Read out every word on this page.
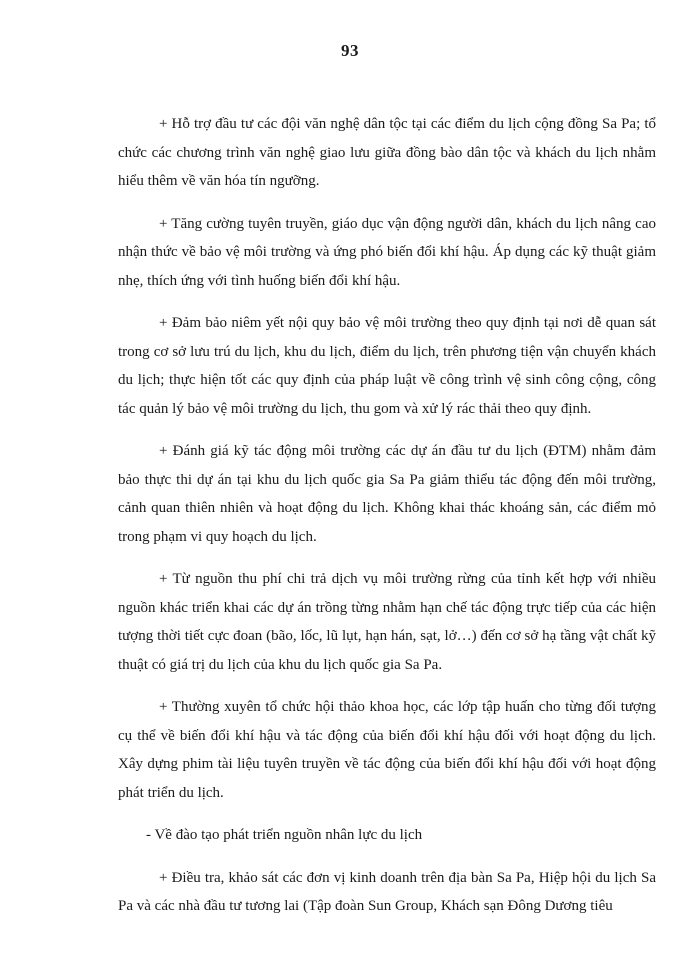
93

+ Hỗ trợ đầu tư các đội văn nghệ dân tộc tại các điểm du lịch cộng đồng Sa Pa; tổ chức các chương trình văn nghệ giao lưu giữa đồng bào dân tộc và khách du lịch nhằm hiểu thêm về văn hóa tín ngưỡng.

+ Tăng cường tuyên truyền, giáo dục vận động người dân, khách du lịch nâng cao nhận thức về bảo vệ môi trường và ứng phó biến đổi khí hậu. Áp dụng các kỹ thuật giảm nhẹ, thích ứng với tình huống biến đổi khí hậu.

+ Đảm bảo niêm yết nội quy bảo vệ môi trường theo quy định tại nơi dễ quan sát trong cơ sở lưu trú du lịch, khu du lịch, điểm du lịch, trên phương tiện vận chuyển khách du lịch; thực hiện tốt các quy định của pháp luật về công trình vệ sinh công cộng, công tác quản lý bảo vệ môi trường du lịch, thu gom và xử lý rác thải theo quy định.

+ Đánh giá kỹ tác động môi trường các dự án đầu tư du lịch (ĐTM) nhằm đảm bảo thực thi dự án tại khu du lịch quốc gia Sa Pa giảm thiểu tác động đến môi trường, cảnh quan thiên nhiên và hoạt động du lịch. Không khai thác khoáng sản, các điểm mỏ trong phạm vi quy hoạch du lịch.

+ Từ nguồn thu phí chi trả dịch vụ môi trường rừng của tỉnh kết hợp với nhiều nguồn khác triển khai các dự án trồng từng nhằm hạn chế tác động trực tiếp của các hiện tượng thời tiết cực đoan (bão, lốc, lũ lụt, hạn hán, sạt, lở…) đến cơ sở hạ tầng vật chất kỹ thuật có giá trị du lịch của khu du lịch quốc gia Sa Pa.

+ Thường xuyên tổ chức hội thảo khoa học, các lớp tập huấn cho từng đối tượng cụ thể về biến đổi khí hậu và tác động của biến đổi khí hậu đối với hoạt động du lịch. Xây dựng phim tài liệu tuyên truyền về tác động của biến đổi khí hậu đối với hoạt động phát triển du lịch.

- Về đào tạo phát triển nguồn nhân lực du lịch

+ Điều tra, khảo sát các đơn vị kinh doanh trên địa bàn Sa Pa, Hiệp hội du lịch Sa Pa và các nhà đầu tư tương lai (Tập đoàn Sun Group, Khách sạn Đông Dương tiêu
